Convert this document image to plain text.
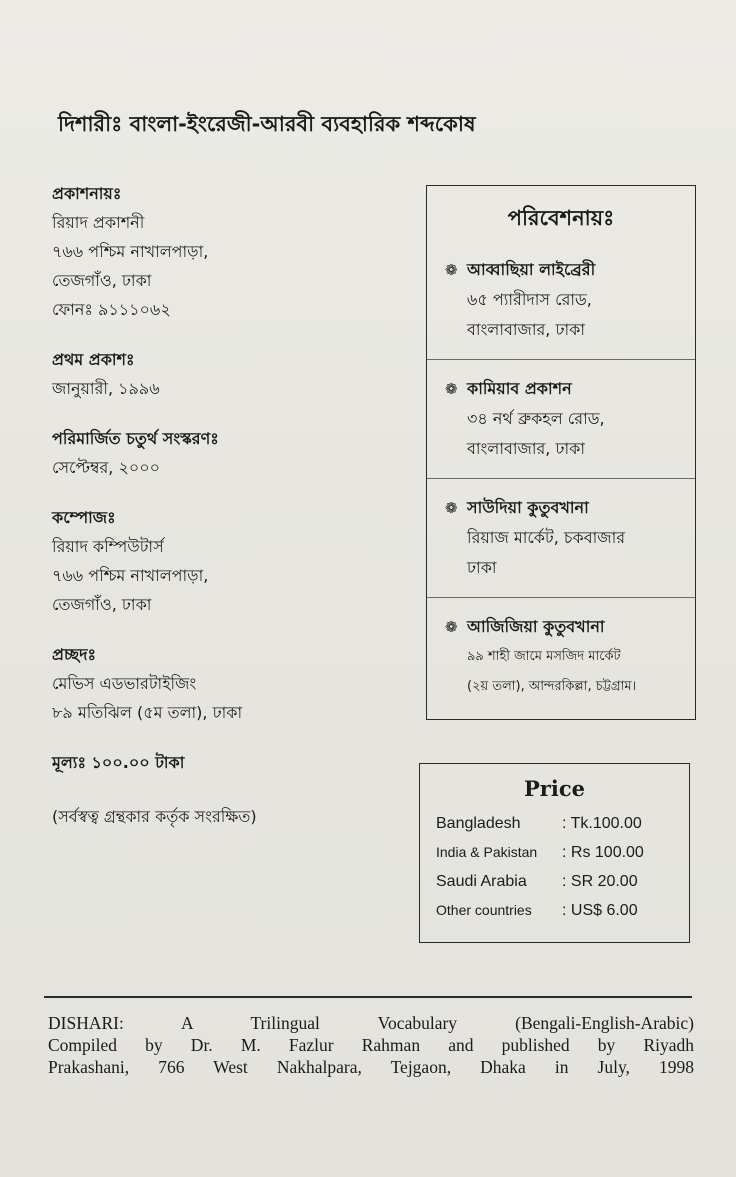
দিশারীঃ বাংলা-ইংরেজী-আরবী ব্যবহারিক শব্দকোষ
প্রকাশনায়ঃ
রিয়াদ প্রকাশনী
৭৬৬ পশ্চিম নাখালপাড়া,
তেজগাঁও, ঢাকা
ফোনঃ ৯১১১০৬২
প্রথম প্রকাশঃ
জানুয়ারী, ১৯৯৬
পরিমার্জিত চতুর্থ সংস্করণঃ
সেপ্টেম্বর, ২০০০
কম্পোজঃ
রিয়াদ কম্পিউটার্স
৭৬৬ পশ্চিম নাখালপাড়া,
তেজগাঁও, ঢাকা
প্রচ্ছদঃ
মেভিস এডভারটাইজিং
৮৯ মতিঝিল (৫ম তলা), ঢাকা
মূল্যঃ ১০০.০০ টাকা
(সর্বস্বত্ব গ্রন্থকার কর্তৃক সংরক্ষিত)
পরিবেশনায়ঃ
❁ আব্বাছিয়া লাইব্রেরী
৬৫ প্যারীদাস রোড,
বাংলাবাজার, ঢাকা
❁ কামিয়াব প্রকাশন
৩৪ নর্থ ব্রুকহল রোড,
বাংলাবাজার, ঢাকা
❁ সাউদিয়া কুতুবখানা
রিয়াজ মার্কেট, চকবাজার
ঢাকা
❁ আজিজিয়া কুতুবখানা
৯৯ শাহী জামে মসজিদ মার্কেট
(২য় তলা), আন্দরকিল্লা, চট্টগ্রাম।
Price
Bangladesh	: Tk.100.00
India & Pakistan	: Rs 100.00
Saudi Arabia	: SR 20.00
Other countries	: US$ 6.00
DISHARI: A Trilingual Vocabulary (Bengali-English-Arabic)
Compiled by Dr. M. Fazlur Rahman and published by Riyadh
Prakashani, 766 West Nakhalpara, Tejgaon, Dhaka in July, 1998
